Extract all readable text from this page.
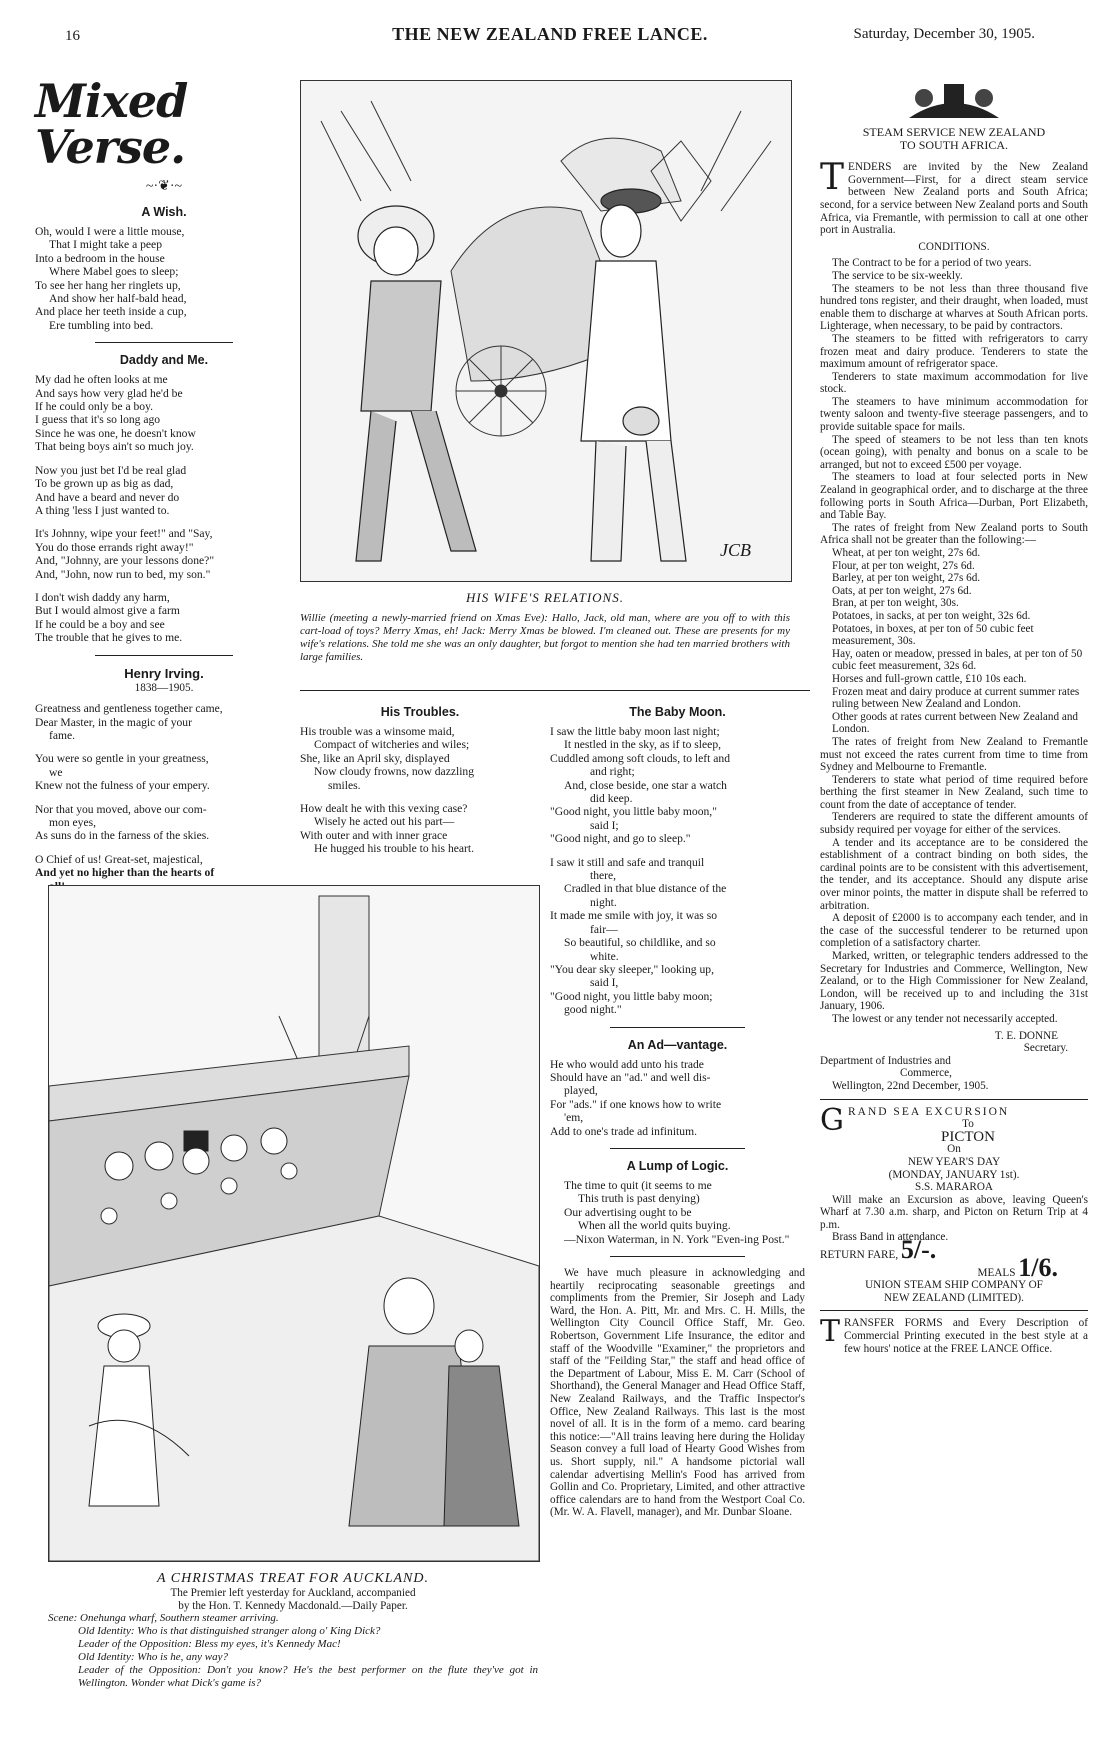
16	THE NEW ZEALAND FREE LANCE.	Saturday, December 30, 1905.
Mixed Verse.
~·❦·~
A Wish.
Oh, would I were a little mouse,
That I might take a peep
Into a bedroom in the house
Where Mabel goes to sleep;
To see her hang her ringlets up,
And show her half-bald head,
And place her teeth inside a cup,
Ere tumbling into bed.
Daddy and Me.
My dad he often looks at me
And says how very glad he'd be
If he could only be a boy.
I guess that it's so long ago
Since he was one, he doesn't know
That being boys ain't so much joy.
Now you just bet I'd be real glad
To be grown up as big as dad,
And have a beard and never do
A thing 'less I just wanted to.
It's Johnny, wipe your feet!" and "Say,
You do those errands right away!"
And, "Johnny, are your lessons done?"
And, "John, now run to bed, my son."
I don't wish daddy any harm,
But I would almost give a farm
If he could be a boy and see
The trouble that he gives to me.
Henry Irving.
1838—1905.
Greatness and gentleness together came,
Dear Master, in the magic of your
fame.
You were so gentle in your greatness,
we
Knew not the fulness of your empery.
Nor that you moved, above our com-
mon eyes,
As suns do in the farness of the skies.
O Chief of us! Great-set, majestical,
And yet no higher than the hearts of
JCB
HIS WIFE'S RELATIONS.
Willie (meeting a newly-married friend on Xmas Eve): Hallo, Jack, old man, where are you off to with this cart-load of toys? Merry Xmas, eh! Jack: Merry Xmas be blowed. I'm cleaned out. These are presents for my wife's relations. She told me she was an only daughter, but forgot to mention she had ten married brothers with large families.
His Troubles.
His trouble was a winsome maid,
Compact of witcheries and wiles;
She, like an April sky, displayed
Now cloudy frowns, now dazzling
smiles.
How dealt he with this vexing case?
Wisely he acted out his part—
With outer and with inner grace
He hugged his trouble to his heart.
A CHRISTMAS TREAT FOR AUCKLAND.
The Premier left yesterday for Auckland, accompanied
by the Hon. T. Kennedy Macdonald.—Daily Paper.
Scene: Onehunga wharf, Southern steamer arriving.
Old Identity: Who is that distinguished stranger along o' King Dick?
Leader of the Opposition: Bless my eyes, it's Kennedy Mac!
Old Identity: Who is he, any way?
Leader of the Opposition: Don't you know? He's the best performer on the flute they've got in Wellington. Wonder what Dick's game is?
The Baby Moon.
I saw the little baby moon last night;
It nestled in the sky, as if to sleep,
Cuddled among soft clouds, to left and
and right;
And, close beside, one star a watch
did keep.
"Good night, you little baby moon,"
said I;
"Good night, and go to sleep."
I saw it still and safe and tranquil
there,
Cradled in that blue distance of the
night.
It made me smile with joy, it was so
fair—
So beautiful, so childlike, and so
white.
"You dear sky sleeper," looking up,
said I,
"Good night, you little baby moon;
good night."
An Ad—vantage.
He who would add unto his trade
Should have an "ad." and well dis-
played,
For "ads." if one knows how to write
'em,
Add to one's trade ad infinitum.
A Lump of Logic.
The time to quit (it seems to me
This truth is past denying)
Our advertising ought to be
When all the world quits buying.
—Nixon Waterman, in N. York "Even-ing Post."
We have much pleasure in acknowledging and heartily reciprocating seasonable greetings and compliments from the Premier, Sir Joseph and Lady Ward, the Hon. A. Pitt, Mr. and Mrs. C. H. Mills, the Wellington City Council Office Staff, Mr. Geo. Robertson, Government Life Insurance, the editor and staff of the Woodville "Examiner," the proprietors and staff of the "Feilding Star," the staff and head office of the Department of Labour, Miss E. M. Carr (School of Shorthand), the General Manager and Head Office Staff, New Zealand Railways, and the Traffic Inspector's Office, New Zealand Railways. This last is the most novel of all. It is in the form of a memo. card bearing this notice:—"All trains leaving here during the Holiday Season convey a full load of Hearty Good Wishes from us. Short supply, nil." A handsome pictorial wall calendar advertising Mellin's Food has arrived from Gollin and Co. Proprietary, Limited, and other attractive office calendars are to hand from the Westport Coal Co. (Mr. W. A. Flavell, manager), and Mr. Dunbar Sloane.
STEAM SERVICE NEW ZEALAND
TO SOUTH AFRICA.
TENDERS are invited by the New Zealand Government—First, for a direct steam service between New Zealand ports and South Africa; second, for a service between New Zealand ports and South Africa, via Fremantle, with permission to call at one other port in Australia.
CONDITIONS.
The Contract to be for a period of two years.
The service to be six-weekly.
The steamers to be not less than three thousand five hundred tons register, and their draught, when loaded, must enable them to discharge at wharves at South African ports. Lighterage, when necessary, to be paid by contractors.
The steamers to be fitted with refrigerators to carry frozen meat and dairy produce. Tenderers to state the maximum amount of refrigerator space.
Tenderers to state maximum accommodation for live stock.
The steamers to have minimum accommodation for twenty saloon and twenty-five steerage passengers, and to provide suitable space for mails.
The speed of steamers to be not less than ten knots (ocean going), with penalty and bonus on a scale to be arranged, but not to exceed £500 per voyage.
The steamers to load at four selected ports in New Zealand in geographical order, and to discharge at the three following ports in South Africa—Durban, Port Elizabeth, and Table Bay.
The rates of freight from New Zealand ports to South Africa shall not be greater than the following:—
Wheat, at per ton weight, 27s 6d.
Flour, at per ton weight, 27s 6d.
Barley, at per ton weight, 27s 6d.
Oats, at per ton weight, 27s 6d.
Bran, at per ton weight, 30s.
Potatoes, in sacks, at per ton weight, 32s 6d.
Potatoes, in boxes, at per ton of 50 cubic feet measurement, 30s.
Hay, oaten or meadow, pressed in bales, at per ton of 50 cubic feet measurement, 32s 6d.
Horses and full-grown cattle, £10 10s each.
Frozen meat and dairy produce at current summer rates ruling between New Zealand and London.
Other goods at rates current between New Zealand and London.
The rates of freight from New Zealand to Fremantle must not exceed the rates current from time to time from Sydney and Melbourne to Fremantle.
Tenderers to state what period of time required before berthing the first steamer in New Zealand, such time to count from the date of acceptance of tender.
Tenderers are required to state the different amounts of subsidy required per voyage for either of the services.
A tender and its acceptance are to be considered the establishment of a contract binding on both sides, the cardinal points are to be consistent with this advertisement, the tender, and its acceptance. Should any dispute arise over minor points, the matter in dispute shall be referred to arbitration.
A deposit of £2000 is to accompany each tender, and in the case of the successful tenderer to be returned upon completion of a satisfactory charter.
Marked, written, or telegraphic tenders addressed to the Secretary for Industries and Commerce, Wellington, New Zealand, or to the High Commissioner for New Zealand, London, will be received up to and including the 31st January, 1906.
The lowest or any tender not necessarily accepted.
T. E. DONNE
Secretary.
Department of Industries and
Commerce,
Wellington, 22nd December, 1905.
GRAND SEA EXCURSION
To
PICTON
On
NEW YEAR'S DAY
(MONDAY, JANUARY 1st).
S.S. MARAROA
Will make an Excursion as above, leaving Queen's Wharf at 7.30 a.m. sharp, and Picton on Return Trip at 4 p.m.
Brass Band in attendance.
RETURN FARE, 5/-.
MEALS 1/6.
UNION STEAM SHIP COMPANY OF
NEW ZEALAND (LIMITED).
TRANSFER FORMS and Every Description of Commercial Printing executed in the best style at a few hours' notice at the FREE LANCE Office.
